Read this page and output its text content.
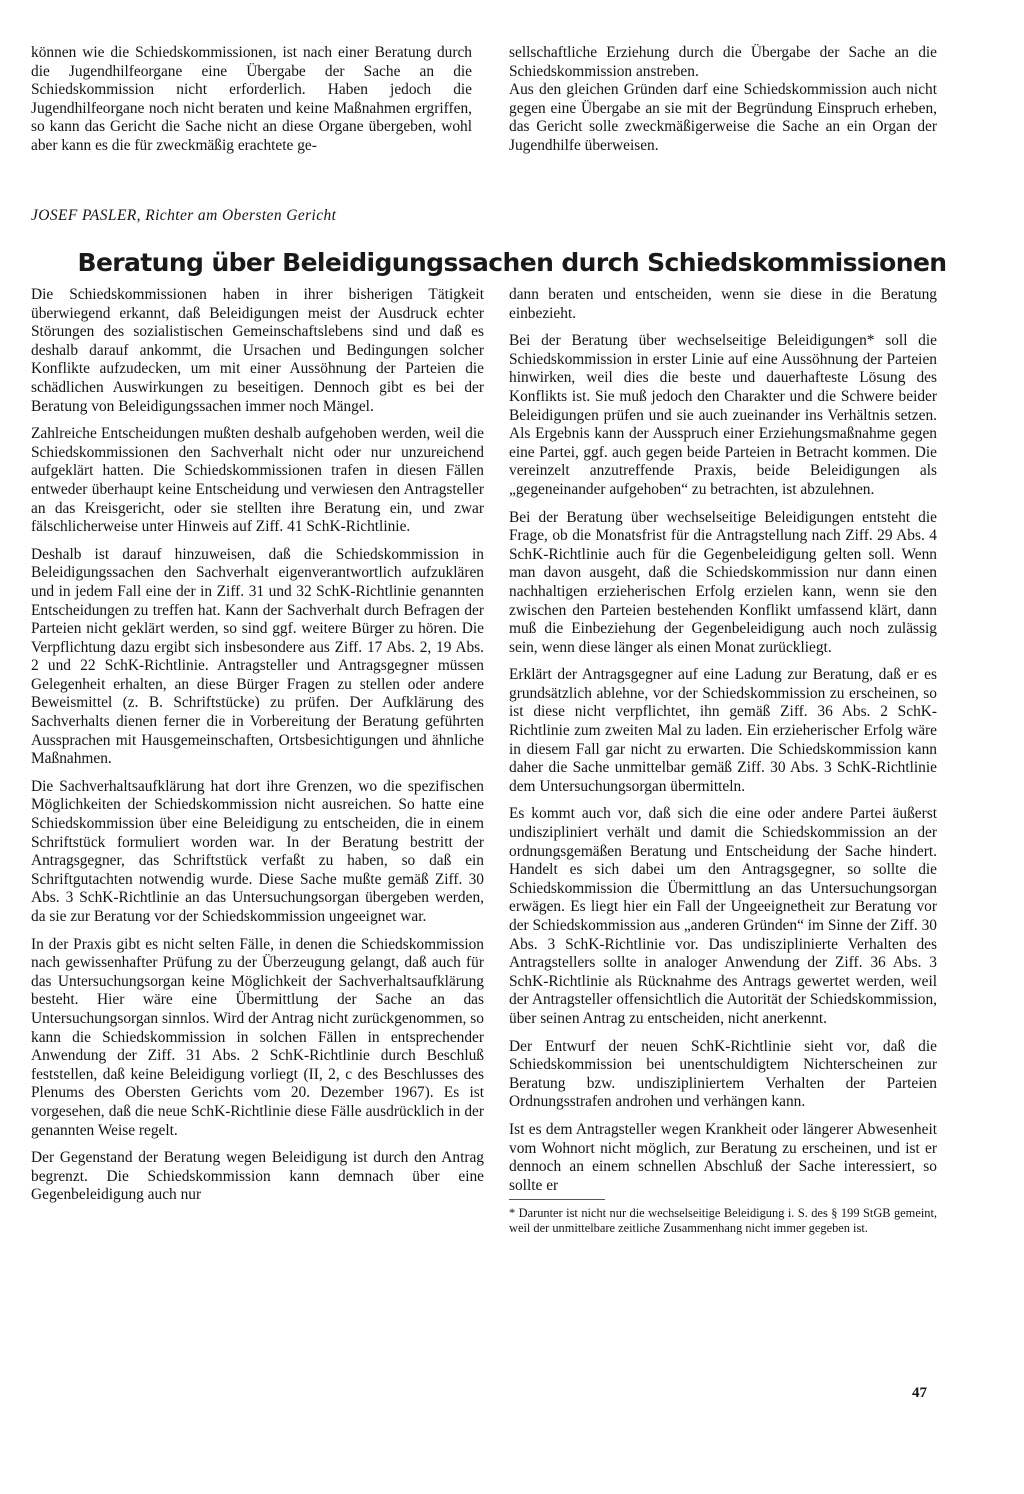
können wie die Schiedskommissionen, ist nach einer Beratung durch die Jugendhilfeorgane eine Übergabe der Sache an die Schiedskommission nicht erforderlich. Haben jedoch die Jugendhilfeorgane noch nicht beraten und keine Maßnahmen ergriffen, so kann das Gericht die Sache nicht an diese Organe übergeben, wohl aber kann es die für zweckmäßig erachtete ge-

sellschaftliche Erziehung durch die Übergabe der Sache an die Schiedskommission anstreben.

Aus den gleichen Gründen darf eine Schiedskommission auch nicht gegen eine Übergabe an sie mit der Begründung Einspruch erheben, das Gericht solle zweckmäßigerweise die Sache an ein Organ der Jugendhilfe überweisen.

JOSEF PASLER, Richter am Obersten Gericht
Beratung über Beleidigungssachen durch Schiedskommissionen

Die Schiedskommissionen haben in ihrer bisherigen Tätigkeit überwiegend erkannt, daß Beleidigungen meist der Ausdruck echter Störungen des sozialistischen Gemeinschaftslebens sind und daß es deshalb darauf ankommt, die Ursachen und Bedingungen solcher Konflikte aufzudecken, um mit einer Aussöhnung der Parteien die schädlichen Auswirkungen zu beseitigen. Dennoch gibt es bei der Beratung von Beleidigungssachen immer noch Mängel.

Zahlreiche Entscheidungen mußten deshalb aufgehoben werden, weil die Schiedskommissionen den Sachverhalt nicht oder nur unzureichend aufgeklärt hatten. Die Schiedskommissionen trafen in diesen Fällen entweder überhaupt keine Entscheidung und verwiesen den Antragsteller an das Kreisgericht, oder sie stellten ihre Beratung ein, und zwar fälschlicherweise unter Hinweis auf Ziff. 41 SchK-Richtlinie.

Deshalb ist darauf hinzuweisen, daß die Schiedskommission in Beleidigungssachen den Sachverhalt eigenverantwortlich aufzuklären und in jedem Fall eine der in Ziff. 31 und 32 SchK-Richtlinie genannten Entscheidungen zu treffen hat. Kann der Sachverhalt durch Befragen der Parteien nicht geklärt werden, so sind ggf. weitere Bürger zu hören. Die Verpflichtung dazu ergibt sich insbesondere aus Ziff. 17 Abs. 2, 19 Abs. 2 und 22 SchK-Richtlinie. Antragsteller und Antragsgegner müssen Gelegenheit erhalten, an diese Bürger Fragen zu stellen oder andere Beweismittel (z. B. Schriftstücke) zu prüfen. Der Aufklärung des Sachverhalts dienen ferner die in Vorbereitung der Beratung geführten Aussprachen mit Hausgemeinschaften, Ortsbesichtigungen und ähnliche Maßnahmen.

Die Sachverhaltsaufklärung hat dort ihre Grenzen, wo die spezifischen Möglichkeiten der Schiedskommission nicht ausreichen. So hatte eine Schiedskommission über eine Beleidigung zu entscheiden, die in einem Schriftstück formuliert worden war. In der Beratung bestritt der Antragsgegner, das Schriftstück verfaßt zu haben, so daß ein Schriftgutachten notwendig wurde. Diese Sache mußte gemäß Ziff. 30 Abs. 3 SchK-Richtlinie an das Untersuchungsorgan übergeben werden, da sie zur Beratung vor der Schiedskommission ungeeignet war.

In der Praxis gibt es nicht selten Fälle, in denen die Schiedskommission nach gewissenhafter Prüfung zu der Überzeugung gelangt, daß auch für das Untersuchungsorgan keine Möglichkeit der Sachverhaltsaufklärung besteht. Hier wäre eine Übermittlung der Sache an das Untersuchungsorgan sinnlos. Wird der Antrag nicht zurückgenommen, so kann die Schiedskommission in solchen Fällen in entsprechender Anwendung der Ziff. 31 Abs. 2 SchK-Richtlinie durch Beschluß feststellen, daß keine Beleidigung vorliegt (II, 2, c des Beschlusses des Plenums des Obersten Gerichts vom 20. Dezember 1967). Es ist vorgesehen, daß die neue SchK-Richtlinie diese Fälle ausdrücklich in der genannten Weise regelt.

Der Gegenstand der Beratung wegen Beleidigung ist durch den Antrag begrenzt. Die Schiedskommission kann demnach über eine Gegenbeleidigung auch nur

dann beraten und entscheiden, wenn sie diese in die Beratung einbezieht.

Bei der Beratung über wechselseitige Beleidigungen* soll die Schiedskommission in erster Linie auf eine Aussöhnung der Parteien hinwirken, weil dies die beste und dauerhafteste Lösung des Konflikts ist. Sie muß jedoch den Charakter und die Schwere beider Beleidigungen prüfen und sie auch zueinander ins Verhältnis setzen. Als Ergebnis kann der Ausspruch einer Erziehungsmaßnahme gegen eine Partei, ggf. auch gegen beide Parteien in Betracht kommen. Die vereinzelt anzutreffende Praxis, beide Beleidigungen als „gegeneinander aufgehoben“ zu betrachten, ist abzulehnen.

Bei der Beratung über wechselseitige Beleidigungen entsteht die Frage, ob die Monatsfrist für die Antragstellung nach Ziff. 29 Abs. 4 SchK-Richtlinie auch für die Gegenbeleidigung gelten soll. Wenn man davon ausgeht, daß die Schiedskommission nur dann einen nachhaltigen erzieherischen Erfolg erzielen kann, wenn sie den zwischen den Parteien bestehenden Konflikt umfassend klärt, dann muß die Einbeziehung der Gegenbeleidigung auch noch zulässig sein, wenn diese länger als einen Monat zurückliegt.

Erklärt der Antragsgegner auf eine Ladung zur Beratung, daß er es grundsätzlich ablehne, vor der Schiedskommission zu erscheinen, so ist diese nicht verpflichtet, ihn gemäß Ziff. 36 Abs. 2 SchK-Richtlinie zum zweiten Mal zu laden. Ein erzieherischer Erfolg wäre in diesem Fall gar nicht zu erwarten. Die Schiedskommission kann daher die Sache unmittelbar gemäß Ziff. 30 Abs. 3 SchK-Richtlinie dem Untersuchungsorgan übermitteln.

Es kommt auch vor, daß sich die eine oder andere Partei äußerst undiszipliniert verhält und damit die Schiedskommission an der ordnungsgemäßen Beratung und Entscheidung der Sache hindert. Handelt es sich dabei um den Antragsgegner, so sollte die Schiedskommission die Übermittlung an das Untersuchungsorgan erwägen. Es liegt hier ein Fall der Ungeeignetheit zur Beratung vor der Schiedskommission aus „anderen Gründen“ im Sinne der Ziff. 30 Abs. 3 SchK-Richtlinie vor. Das undisziplinierte Verhalten des Antragstellers sollte in analoger Anwendung der Ziff. 36 Abs. 3 SchK-Richtlinie als Rücknahme des Antrags gewertet werden, weil der Antragsteller offensichtlich die Autorität der Schiedskommission, über seinen Antrag zu entscheiden, nicht anerkennt.

Der Entwurf der neuen SchK-Richtlinie sieht vor, daß die Schiedskommission bei unentschuldigtem Nichterscheinen zur Beratung bzw. undiszipliniertem Verhalten der Parteien Ordnungsstrafen androhen und verhängen kann.

Ist es dem Antragsteller wegen Krankheit oder längerer Abwesenheit vom Wohnort nicht möglich, zur Beratung zu erscheinen, und ist er dennoch an einem schnellen Abschluß der Sache interessiert, so sollte er

* Darunter ist nicht nur die wechselseitige Beleidigung i. S. des § 199 StGB gemeint, weil der unmittelbare zeitliche Zusammenhang nicht immer gegeben ist.

47
